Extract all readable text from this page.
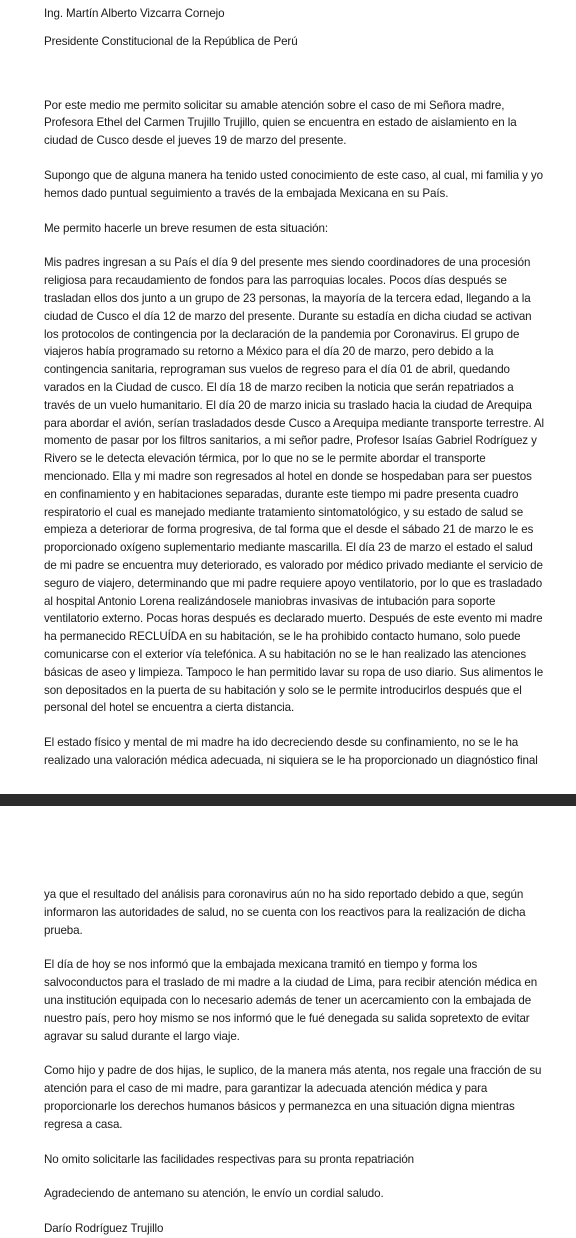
Ing. Martín Alberto Vizcarra Cornejo

Presidente Constitucional de la República de Perú

Por este medio me permito solicitar su amable atención sobre el caso de mi Señora madre, Profesora Ethel del Carmen Trujillo Trujillo, quien se encuentra en estado de aislamiento en la ciudad de Cusco desde el jueves 19 de marzo del presente.

Supongo que de alguna manera ha tenido usted conocimiento de este caso, al cual, mi familia y yo hemos dado puntual seguimiento a través de la embajada Mexicana en su País.

Me permito hacerle un breve resumen de esta situación:

Mis padres ingresan a su País el día 9 del presente mes siendo coordinadores de una procesión religiosa para recaudamiento de fondos para las parroquias locales. Pocos días después se trasladan ellos dos junto a un grupo de 23 personas, la mayoría de la tercera edad, llegando a la ciudad de Cusco el día 12 de marzo del presente. Durante su estadía en dicha ciudad se activan los protocolos de contingencia por la declaración de la pandemia por Coronavirus. El grupo de viajeros había programado su retorno a México para el día 20 de marzo, pero debido a la contingencia sanitaria, reprograman sus vuelos de regreso para el día 01 de abril, quedando varados en la Ciudad de cusco. El día 18 de marzo reciben la noticia que serán repatriados a través de un vuelo humanitario. El día 20 de marzo inicia su traslado hacia la ciudad de Arequipa para abordar el avión, serían trasladados desde Cusco a Arequipa mediante transporte terrestre. Al momento de pasar por los filtros sanitarios, a mi señor padre, Profesor Isaías Gabriel Rodríguez y Rivero se le detecta elevación térmica, por lo que no se le permite abordar el transporte mencionado. Ella y mi madre son regresados al hotel en donde se hospedaban para ser puestos en confinamiento y en habitaciones separadas, durante este tiempo mi padre presenta cuadro respiratorio el cual es manejado mediante tratamiento sintomatológico, y su estado de salud se empieza a deteriorar de forma progresiva, de tal forma que el desde el sábado 21 de marzo le es proporcionado oxígeno suplementario mediante mascarilla. El día 23 de marzo el estado el salud de mi padre se encuentra muy deteriorado, es valorado por médico privado mediante el servicio de seguro de viajero, determinando que mi padre requiere apoyo ventilatorio, por lo que es trasladado al hospital Antonio Lorena realizándosele maniobras invasivas de intubación para soporte ventilatorio externo. Pocas horas después es declarado muerto. Después de este evento mi madre ha permanecido RECLUÍDA en su habitación, se le ha prohibido contacto humano, solo puede comunicarse con el exterior vía telefónica. A su habitación no se le han realizado las atenciones básicas de aseo y limpieza. Tampoco le han permitido lavar su ropa de uso diario. Sus alimentos le son depositados en la puerta de su habitación y solo se le permite introducirlos después que el personal del hotel se encuentra a cierta distancia.

El estado físico y mental de mi madre ha ido decreciendo desde su confinamiento, no se le ha realizado una valoración médica adecuada, ni siquiera se le ha proporcionado un diagnóstico final

ya que el resultado del análisis para coronavirus aún no ha sido reportado debido a que, según informaron las autoridades de salud, no se cuenta con los reactivos para la realización de dicha prueba.

El día de hoy se nos informó que la embajada mexicana tramitó en tiempo y forma los salvoconductos para el traslado de mi madre a la ciudad de Lima, para recibir atención médica en una institución equipada con lo necesario además de tener un acercamiento con la embajada de nuestro país, pero hoy mismo se nos informó que le fué denegada su salida sopretexto de evitar agravar su salud durante el largo viaje.

Como hijo y padre de dos hijas, le suplico, de la manera más atenta, nos regale una fracción de su atención para el caso de mi madre, para garantizar la adecuada atención médica y para proporcionarle los derechos humanos básicos y permanezca en una situación digna mientras regresa a casa.

No omito solicitarle las facilidades respectivas para su pronta repatriación

Agradeciendo de antemano su atención, le envío un cordial saludo.

Darío Rodríguez Trujillo
